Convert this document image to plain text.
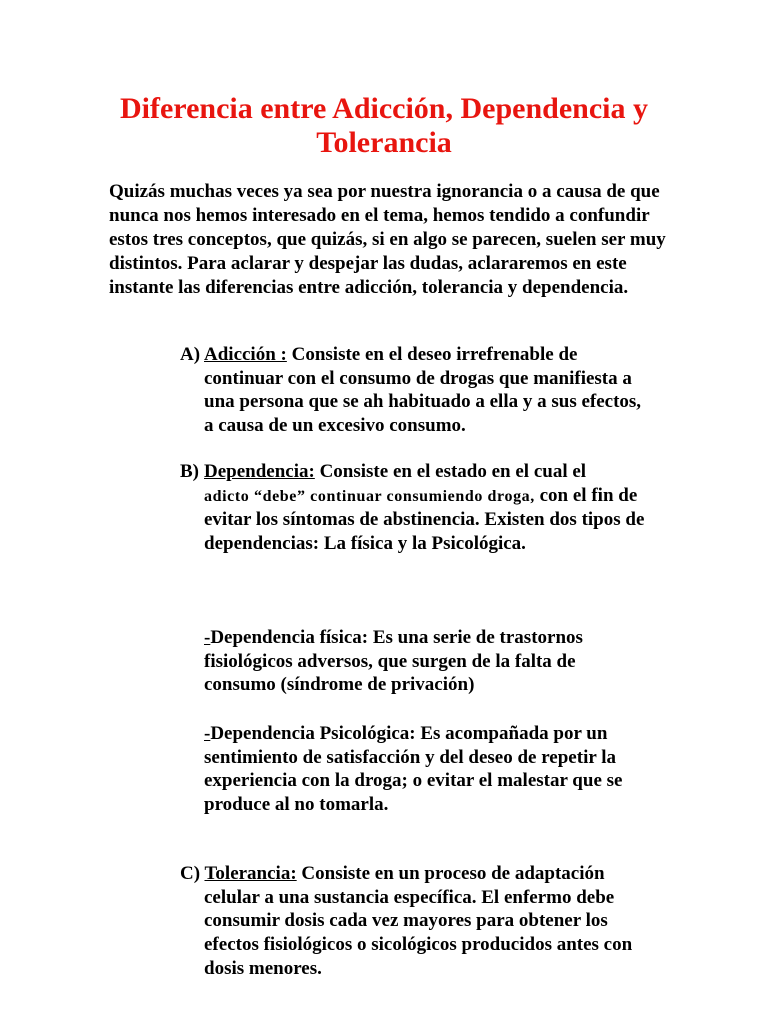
Diferencia entre Adicción, Dependencia y
Tolerancia
Quizás muchas veces ya sea por nuestra ignorancia o a causa de que nunca nos hemos interesado en el tema, hemos tendido a confundir estos tres conceptos, que quizás, si en algo se parecen, suelen ser muy distintos. Para aclarar y despejar las dudas, aclararemos en este instante las diferencias entre adicción, tolerancia y dependencia.
A) Adicción : Consiste en el deseo irrefrenable de continuar con el consumo de drogas que manifiesta a una persona que se ah habituado a ella y a sus efectos, a causa de un excesivo consumo.
B) Dependencia: Consiste en el estado en el cual el
adicto “debe” continuar consumiendo droga, con el fin de evitar los síntomas de abstinencia. Existen dos tipos de dependencias: La física y la Psicológica.
-Dependencia física: Es una serie de trastornos fisiológicos adversos, que surgen de la falta de consumo (síndrome de privación)
-Dependencia Psicológica: Es acompañada por un sentimiento de satisfacción y del deseo de repetir la experiencia con la droga; o evitar el malestar que se produce al no tomarla.
C) Tolerancia: Consiste en un proceso de adaptación
celular a una sustancia específica. El enfermo debe consumir dosis cada vez mayores para obtener los efectos fisiológicos o sicológicos producidos antes con dosis menores.
